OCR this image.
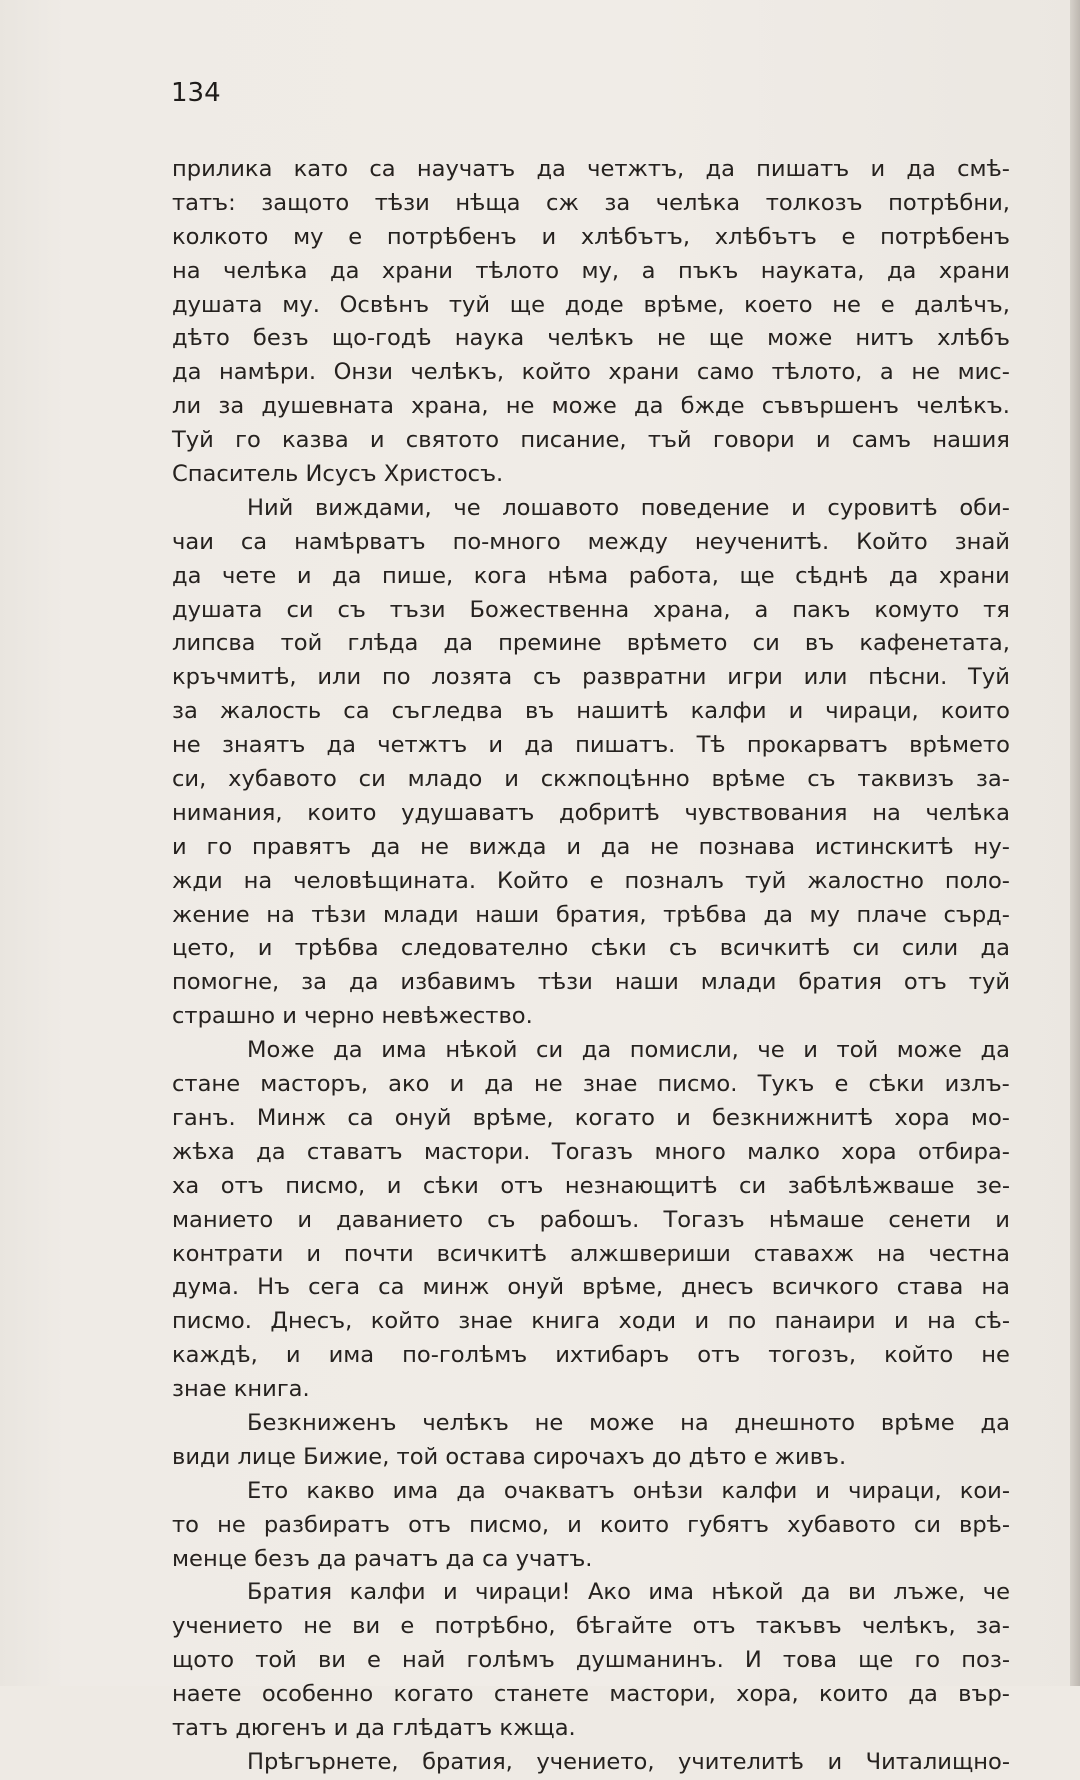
134
прилика като са научатъ да четжтъ, да пишатъ и да смѣ-
татъ: защото тѣзи нѣща сж за челѣка толкозъ потрѣбни,
колкото му е потрѣбенъ и хлѣбътъ, хлѣбътъ е потрѣбенъ
на челѣка да храни тѣлото му, а пъкъ науката, да храни
душата му. Освѣнъ туй ще доде врѣме, което не е далѣчъ,
дѣто безъ що-годѣ наука челѣкъ не ще може нитъ хлѣбъ
да намѣри. Онзи челѣкъ, който храни само тѣлото, а не мис-
ли за душевната храна, не може да бжде съвършенъ челѣкъ.
Туй го казва и святото писание, тъй говори и самъ нашия
Спаситель Исусъ Христосъ.
Ний виждами, че лошавото поведение и суровитѣ оби-
чаи са намѣрватъ по-много между неученитѣ. Който знай
да чете и да пише, кога нѣма работа, ще сѣднѣ да храни
душата си съ тъзи Божественна храна, а пакъ комуто тя
липсва той глѣда да премине врѣмето си въ кафенетата,
кръчмитѣ, или по лозята съ развратни игри или пѣсни. Туй
за жалость са съгледва въ нашитѣ калфи и чираци, които
не знаятъ да четжтъ и да пишатъ. Тѣ прокарватъ врѣмето
си, хубавото си младо и скжпоцѣнно врѣме съ таквизъ за-
нимания, които удушаватъ добритѣ чувствования на челѣка
и го правятъ да не вижда и да не познава истинскитѣ ну-
жди на человѣщината. Който е позналъ туй жалостно поло-
жение на тѣзи млади наши братия, трѣбва да му плаче сърд-
цето, и трѣбва следователно сѣки съ всичкитѣ си сили да
помогне, за да избавимъ тѣзи наши млади братия отъ туй
страшно и черно невѣжество.
Може да има нѣкой си да помисли, че и той може да
стане масторъ, ако и да не знае писмо. Тукъ е сѣки излъ-
ганъ. Минж са онуй врѣме, когато и безкнижнитѣ хора мо-
жѣха да ставатъ мастори. Тогазъ много малко хора отбира-
ха отъ писмо, и сѣки отъ незнающитѣ си забѣлѣжваше зе-
манието и даванието съ рабошъ. Тогазъ нѣмаше сенети и
контрати и почти всичкитѣ алжшвериши ставахж на честна
дума. Нъ сега са минж онуй врѣме, днесъ всичкого става на
писмо. Днесъ, който знае книга ходи и по панаири и на сѣ-
каждѣ, и има по-голѣмъ ихтибаръ отъ тогозъ, който не
знае книга.
Безкниженъ челѣкъ не може на днешното врѣме да
види лице Бижие, той остава сирочахъ до дѣто е живъ.
Ето какво има да очакватъ онѣзи калфи и чираци, кои-
то не разбиратъ отъ писмо, и които губятъ хубавото си врѣ-
менце безъ да рачатъ да са учатъ.
Братия калфи и чираци! Ако има нѣкой да ви лъже, че
учението не ви е потрѣбно, бѣгайте отъ такъвъ челѣкъ, за-
щото той ви е най голѣмъ душманинъ. И това ще го поз-
наете особенно когато станете мастори, хора, които да вър-
татъ дюгенъ и да глѣдатъ кжща.
Прѣгърнете, братия, учението, учителитѣ и Читалищно-
